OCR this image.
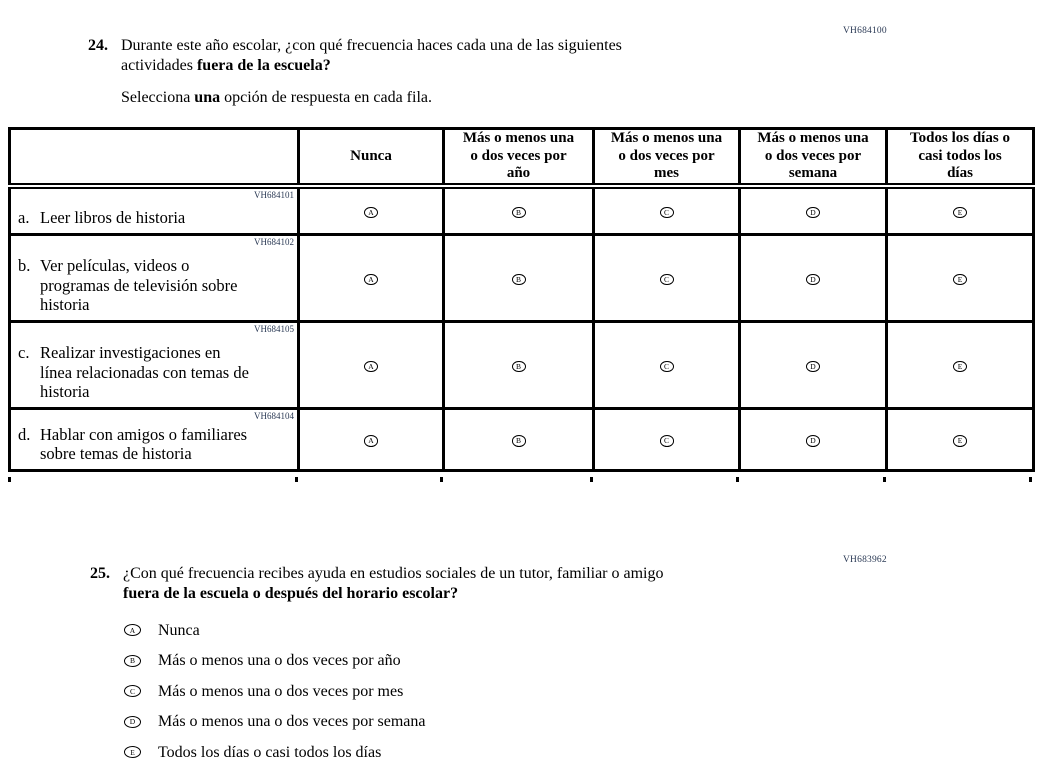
VH684100
24. Durante este año escolar, ¿con qué frecuencia haces cada una de las siguientes
actividades fuera de la escuela?
Selecciona una opción de respuesta en cada fila.

	Nunca	Más o menos una
o dos veces por
año	Más o menos una
o dos veces por
mes	Más o menos una
o dos veces por
semana	Todos los días o
casi todos los
días

VH684101
a. Leer libros de historia	A	B	C	D	E

VH684102
b. Ver películas, videos o
programas de televisión sobre
historia	A	B	C	D	E

VH684105
c. Realizar investigaciones en
línea relacionadas con temas de
historia	A	B	C	D	E

VH684104
d. Hablar con amigos o familiares
sobre temas de historia	A	B	C	D	E
VH683962
25. ¿Con qué frecuencia recibes ayuda en estudios sociales de un tutor, familiar o amigo
fuera de la escuela o después del horario escolar?
A Nunca
B Más o menos una o dos veces por año
C Más o menos una o dos veces por mes
D Más o menos una o dos veces por semana
E Todos los días o casi todos los días
